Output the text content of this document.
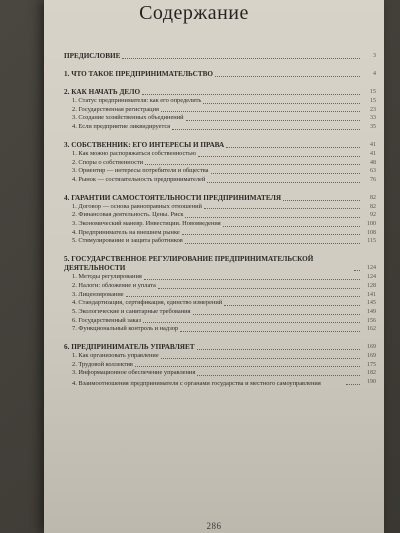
Содержание
ПРЕДИСЛОВИЕ	3
1. ЧТО ТАКОЕ ПРЕДПРИНИМАТЕЛЬСТВО	4
2. КАК НАЧАТЬ ДЕЛО	15
1. Статус предпринимателя: как его определить	15
2. Государственная регистрация	23
3. Создание хозяйственных объединений	33
4. Если предприятие ликвидируется	35
3. СОБСТВЕННИК: ЕГО ИНТЕРЕСЫ И ПРАВА	41
1. Как можно распоряжаться собственностью	41
2. Споры о собственности	48
3. Ориентир — интересы потребителя и общества	63
4. Рынок — состязательность предпринимателей	76
4. ГАРАНТИИ САМОСТОЯТЕЛЬНОСТИ ПРЕДПРИНИМАТЕЛЯ	82
1. Договор — основа равноправных отношений	82
2. Финансовая деятельность. Цены. Риск	92
3. Экономический маневр. Инвестиции. Нововведения	100
4. Предприниматель на внешнем рынке	108
5. Стимулирование и защита работников	115
5. ГОСУДАРСТВЕННОЕ РЕГУЛИРОВАНИЕ ПРЕДПРИНИМАТЕЛЬСКОЙ ДЕЯТЕЛЬНОСТИ	124
1. Методы регулирования	124
2. Налоги: обложение и уплата	128
3. Лицензирование	141
4. Стандартизация, сертификация, единство измерений	145
5. Экологические и санитарные требования	149
6. Государственный заказ	156
7. Функциональный контроль и надзор	162
6. ПРЕДПРИНИМАТЕЛЬ УПРАВЛЯЕТ	169
1. Как организовать управление	169
2. Трудовой коллектив	175
3. Информационное обеспечение управления	182
4. Взаимоотношения предпринимателя с органами государства и местного самоуправления	190
286
